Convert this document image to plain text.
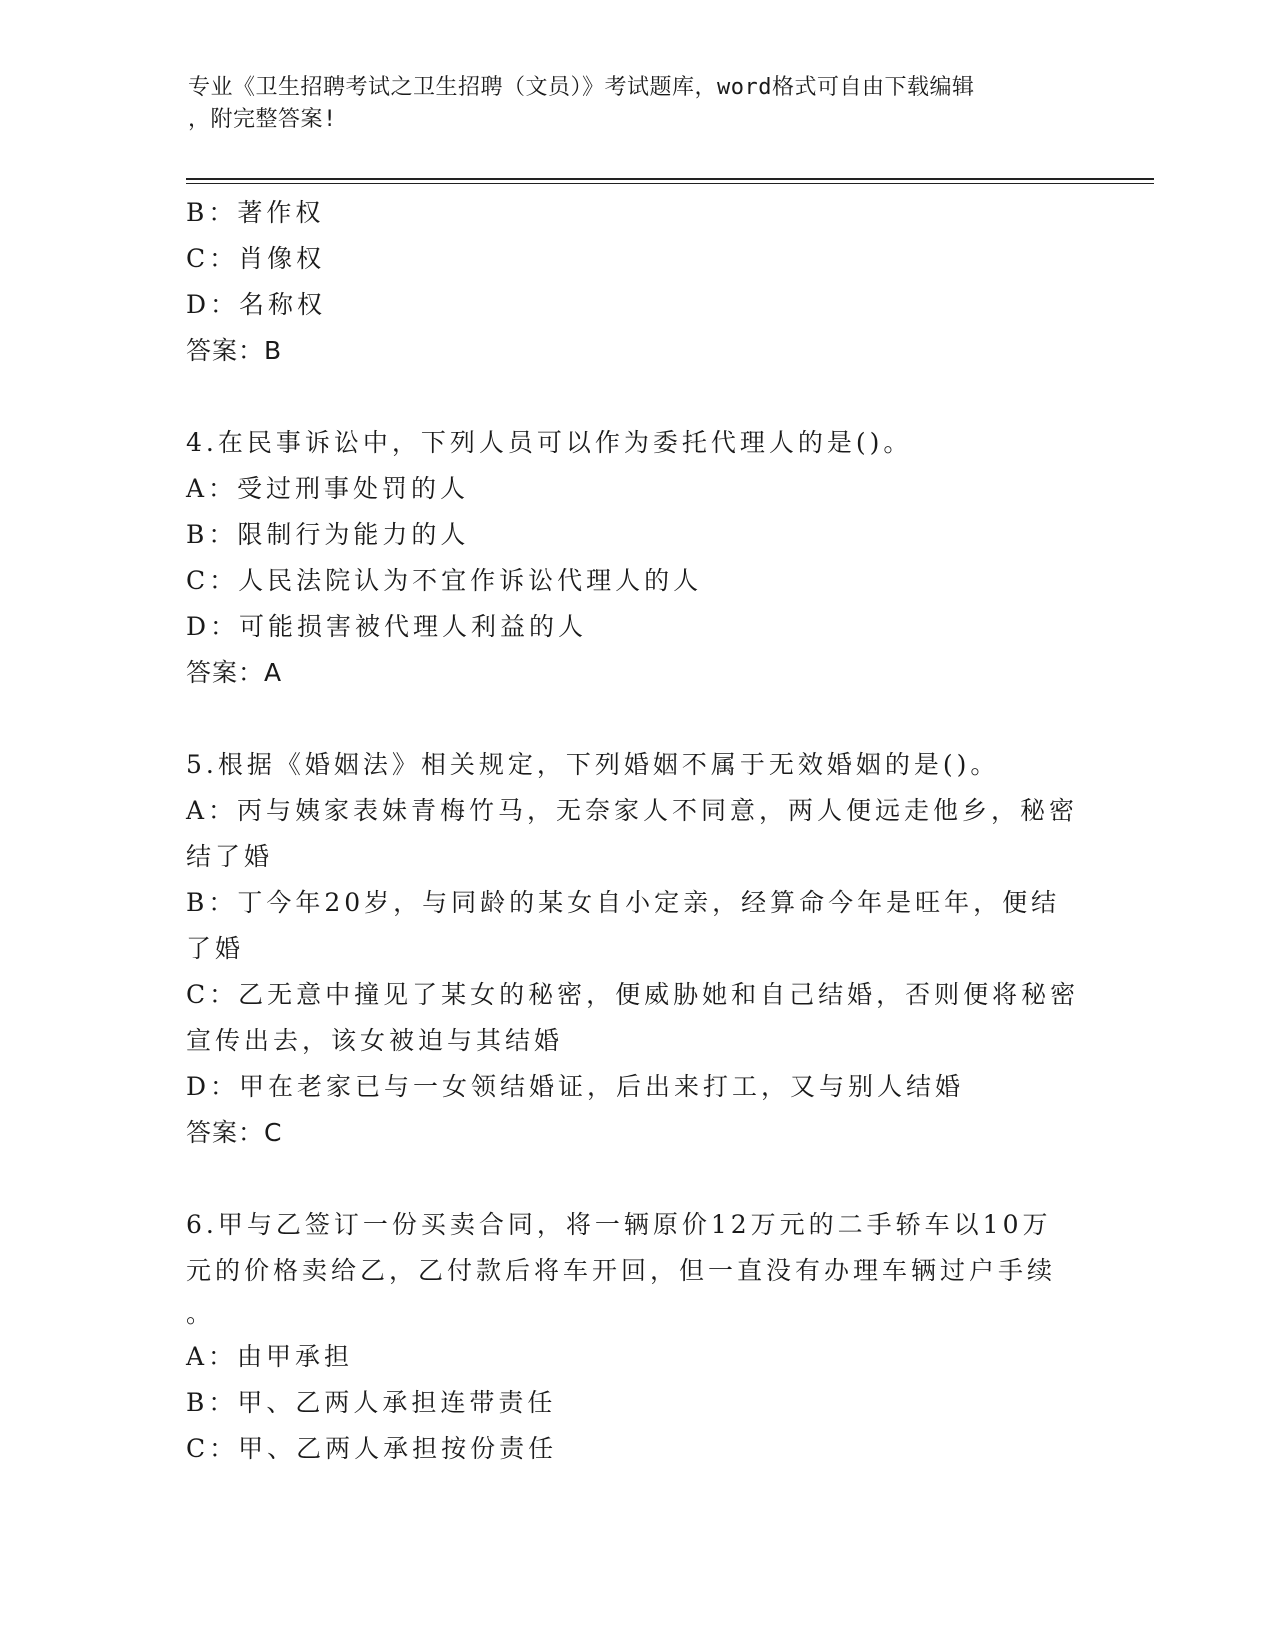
专业《卫生招聘考试之卫生招聘（文员）》考试题库，word格式可自由下载编辑
，附完整答案!
B：著作权
C：肖像权
D：名称权
答案：B
4.在民事诉讼中，下列人员可以作为委托代理人的是()。
A：受过刑事处罚的人
B：限制行为能力的人
C：人民法院认为不宜作诉讼代理人的人
D：可能损害被代理人利益的人
答案：A
5.根据《婚姻法》相关规定，下列婚姻不属于无效婚姻的是()。
A：丙与姨家表妹青梅竹马，无奈家人不同意，两人便远走他乡，秘密
结了婚
B：丁今年20岁，与同龄的某女自小定亲，经算命今年是旺年，便结
了婚
C：乙无意中撞见了某女的秘密，便威胁她和自己结婚，否则便将秘密
宣传出去，该女被迫与其结婚
D：甲在老家已与一女领结婚证，后出来打工，又与别人结婚
答案：C
6.甲与乙签订一份买卖合同，将一辆原价12万元的二手轿车以10万
元的价格卖给乙，乙付款后将车开回，但一直没有办理车辆过户手续
。
A：由甲承担
B：甲、乙两人承担连带责任
C：甲、乙两人承担按份责任
